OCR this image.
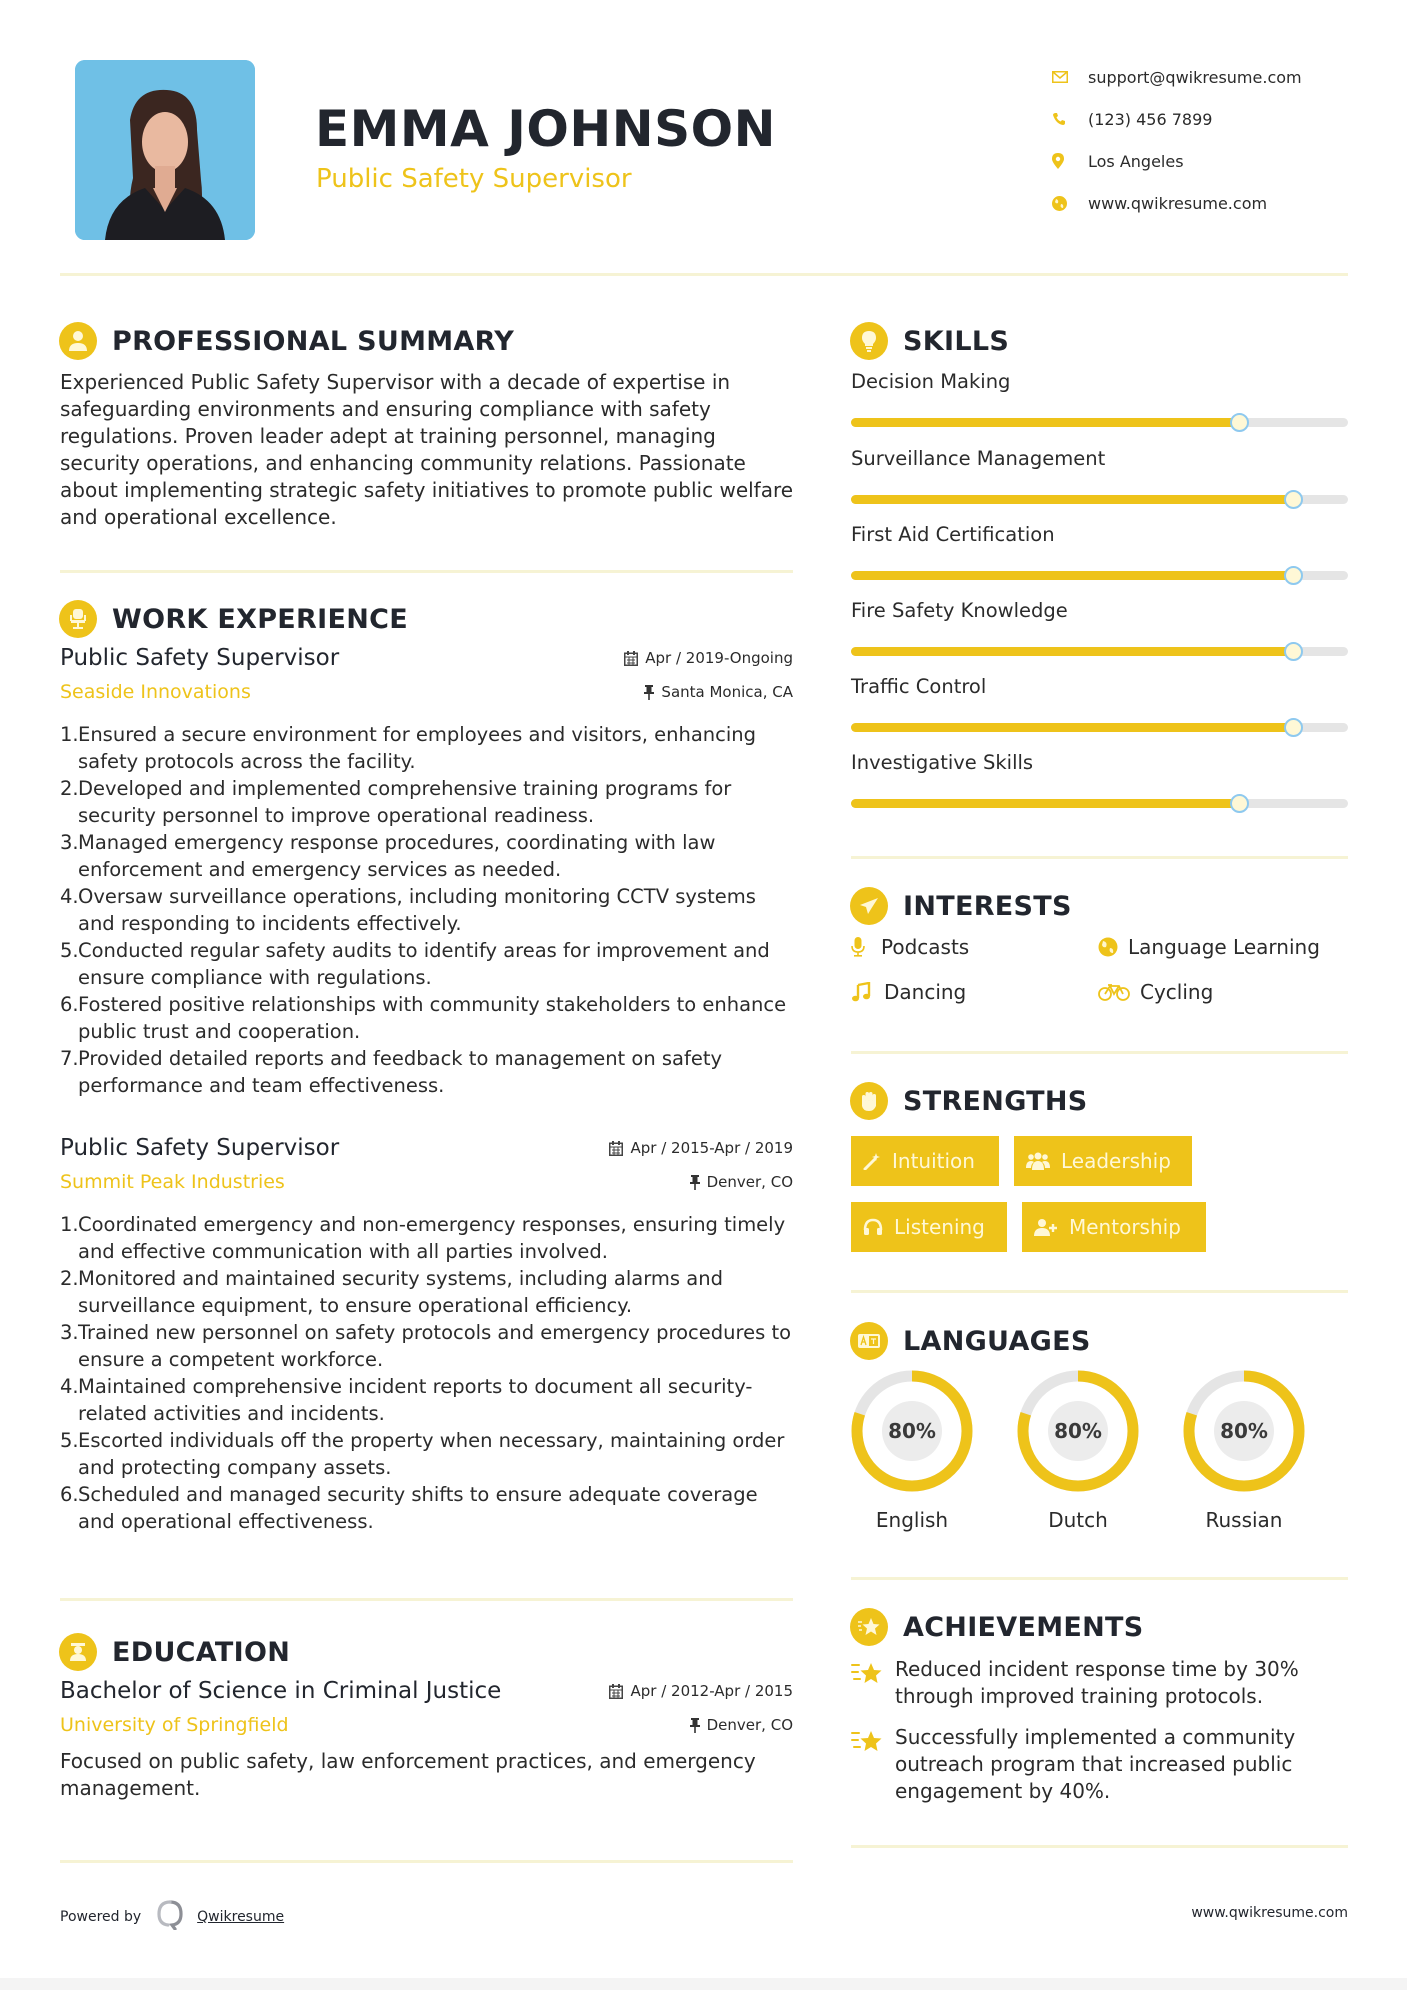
EMMA JOHNSON
Public Safety Supervisor
support@qwikresume.com
(123) 456 7899
Los Angeles
www.qwikresume.com
PROFESSIONAL SUMMARY
Experienced Public Safety Supervisor with a decade of expertise in safeguarding environments and ensuring compliance with safety regulations. Proven leader adept at training personnel, managing security operations, and enhancing community relations. Passionate about implementing strategic safety initiatives to promote public welfare and operational excellence.
WORK EXPERIENCE
Public Safety Supervisor	Apr / 2019-Ongoing
Seaside Innovations	Santa Monica, CA
1. Ensured a secure environment for employees and visitors, enhancing safety protocols across the facility.
2. Developed and implemented comprehensive training programs for security personnel to improve operational readiness.
3. Managed emergency response procedures, coordinating with law enforcement and emergency services as needed.
4. Oversaw surveillance operations, including monitoring CCTV systems and responding to incidents effectively.
5. Conducted regular safety audits to identify areas for improvement and ensure compliance with regulations.
6. Fostered positive relationships with community stakeholders to enhance public trust and cooperation.
7. Provided detailed reports and feedback to management on safety performance and team effectiveness.
Public Safety Supervisor	Apr / 2015-Apr / 2019
Summit Peak Industries	Denver, CO
1. Coordinated emergency and non-emergency responses, ensuring timely and effective communication with all parties involved.
2. Monitored and maintained security systems, including alarms and surveillance equipment, to ensure operational efficiency.
3. Trained new personnel on safety protocols and emergency procedures to ensure a competent workforce.
4. Maintained comprehensive incident reports to document all security-related activities and incidents.
5. Escorted individuals off the property when necessary, maintaining order and protecting company assets.
6. Scheduled and managed security shifts to ensure adequate coverage and operational effectiveness.
EDUCATION
Bachelor of Science in Criminal Justice	Apr / 2012-Apr / 2015
University of Springfield	Denver, CO
Focused on public safety, law enforcement practices, and emergency management.
SKILLS
Decision Making
Surveillance Management
First Aid Certification
Fire Safety Knowledge
Traffic Control
Investigative Skills
INTERESTS
Podcasts	Language Learning
Dancing	Cycling
STRENGTHS
Intuition	Leadership
Listening	Mentorship
LANGUAGES
80%
English
80%
Dutch
80%
Russian
ACHIEVEMENTS
Reduced incident response time by 30% through improved training protocols.
Successfully implemented a community outreach program that increased public engagement by 40%.
Powered by	Qwikresume	www.qwikresume.com
